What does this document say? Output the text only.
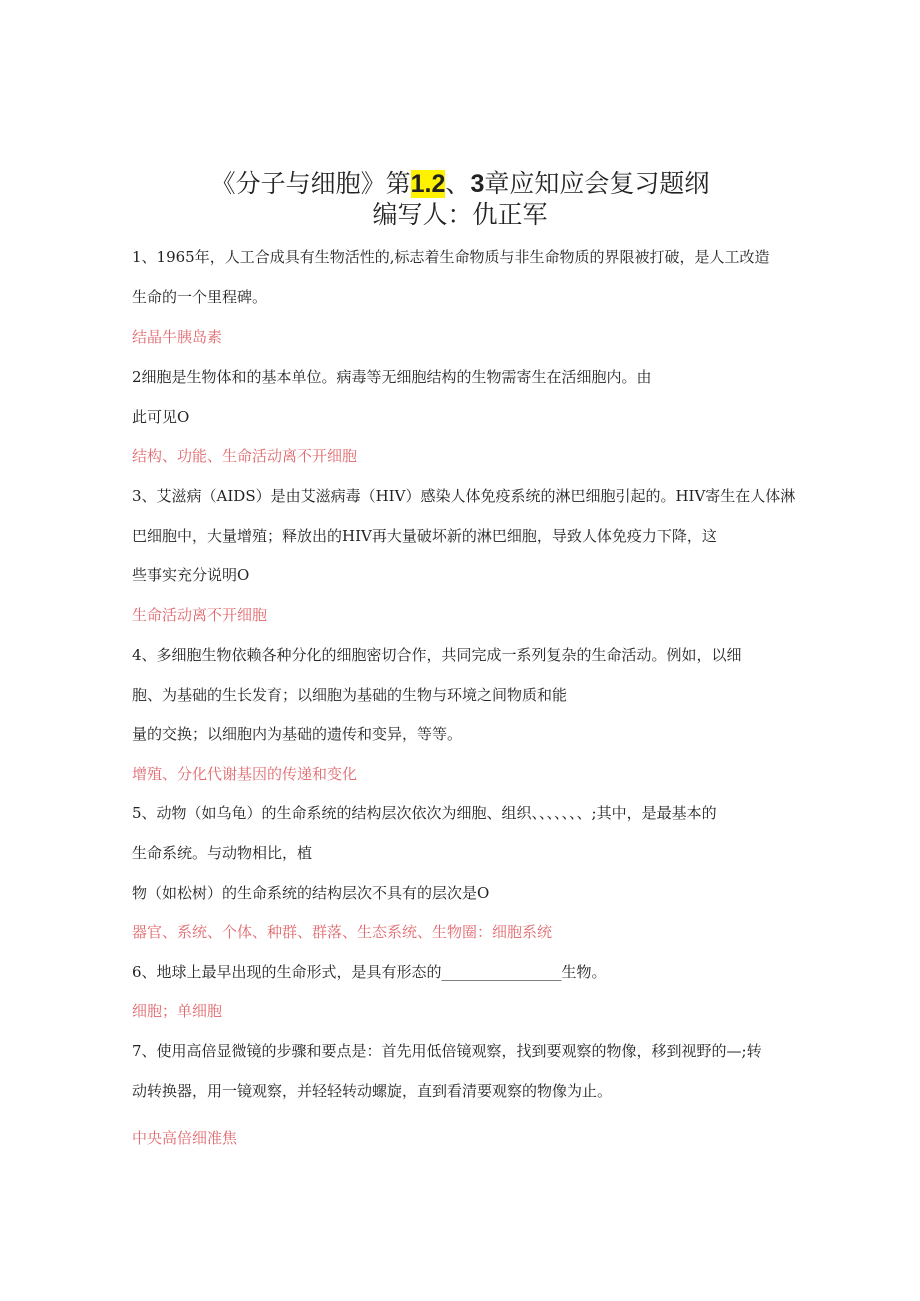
《分子与细胞》第1.2、3章应知应会复习题纲
编写人：仇正军
1、1965年，人工合成具有生物活性的,标志着生命物质与非生命物质的界限被打破，是人工改造
生命的一个里程碑。
结晶牛胰岛素
2细胞是生物体和的基本单位。病毒等无细胞结构的生物需寄生在活细胞内。由
此可见O
结构、功能、生命活动离不开细胞
3、艾滋病（AIDS）是由艾滋病毒（HIV）感染人体免疫系统的淋巴细胞引起的。HIV寄生在人体淋
巴细胞中，大量增殖；释放出的HIV再大量破坏新的淋巴细胞，导致人体免疫力下降，这
些事实充分说明O
生命活动离不开细胞
4、多细胞生物依赖各种分化的细胞密切合作，共同完成一系列复杂的生命活动。例如，以细
胞、为基础的生长发育；以细胞为基础的生物与环境之间物质和能
量的交换；以细胞内为基础的遗传和变异，等等。
增殖、分化代谢基因的传递和变化
5、动物（如乌龟）的生命系统的结构层次依次为细胞、组织、、、、、、、;其中，是最基本的
生命系统。与动物相比，植
物（如松树）的生命系统的结构层次不具有的层次是O
器官、系统、个体、种群、群落、生态系统、生物圈：细胞系统
6、地球上最早出现的生命形式，是具有形态的________________生物。
细胞；单细胞
7、使用高倍显微镜的步骤和要点是：首先用低倍镜观察，找到要观察的物像，移到视野的—;转
动转换器，用一镜观察，并轻轻转动螺旋，直到看清要观察的物像为止。
中央高倍细准焦
